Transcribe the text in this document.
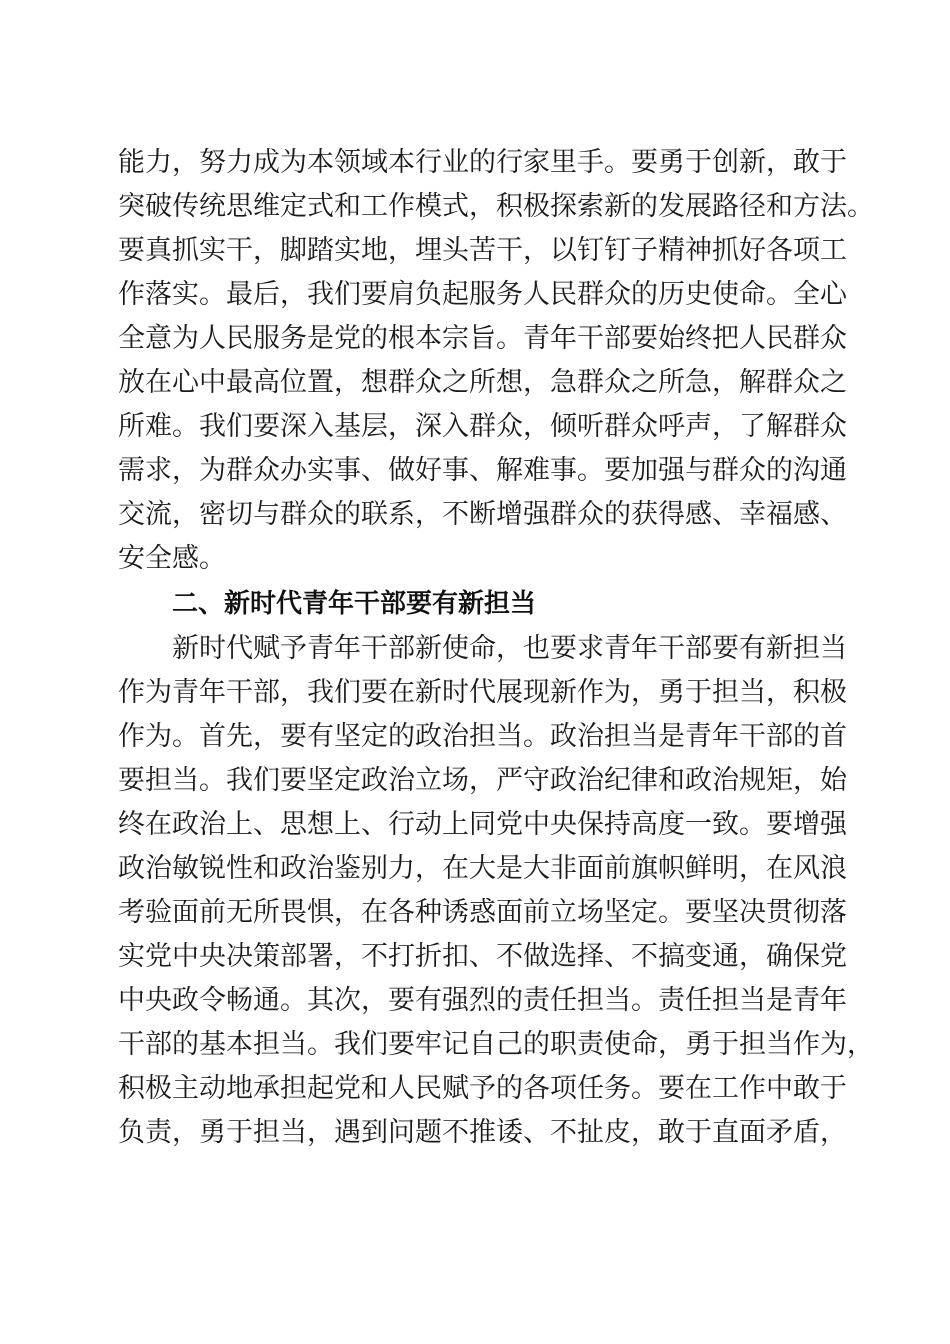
能力，努力成为本领域本行业的行家里手。要勇于创新，敢于
突破传统思维定式和工作模式，积极探索新的发展路径和方法。
要真抓实干，脚踏实地，埋头苦干，以钉钉子精神抓好各项工
作落实。最后，我们要肩负起服务人民群众的历史使命。全心
全意为人民服务是党的根本宗旨。青年干部要始终把人民群众
放在心中最高位置，想群众之所想，急群众之所急，解群众之
所难。我们要深入基层，深入群众，倾听群众呼声，了解群众
需求，为群众办实事、做好事、解难事。要加强与群众的沟通
交流，密切与群众的联系，不断增强群众的获得感、幸福感、
安全感。
二、新时代青年干部要有新担当
新时代赋予青年干部新使命，也要求青年干部要有新担当
作为青年干部，我们要在新时代展现新作为，勇于担当，积极
作为。首先，要有坚定的政治担当。政治担当是青年干部的首
要担当。我们要坚定政治立场，严守政治纪律和政治规矩，始
终在政治上、思想上、行动上同党中央保持高度一致。要增强
政治敏锐性和政治鉴别力，在大是大非面前旗帜鲜明，在风浪
考验面前无所畏惧，在各种诱惑面前立场坚定。要坚决贯彻落
实党中央决策部署，不打折扣、不做选择、不搞变通，确保党
中央政令畅通。其次，要有强烈的责任担当。责任担当是青年
干部的基本担当。我们要牢记自己的职责使命，勇于担当作为，
积极主动地承担起党和人民赋予的各项任务。要在工作中敢于
负责，勇于担当，遇到问题不推诿、不扯皮，敢于直面矛盾，
